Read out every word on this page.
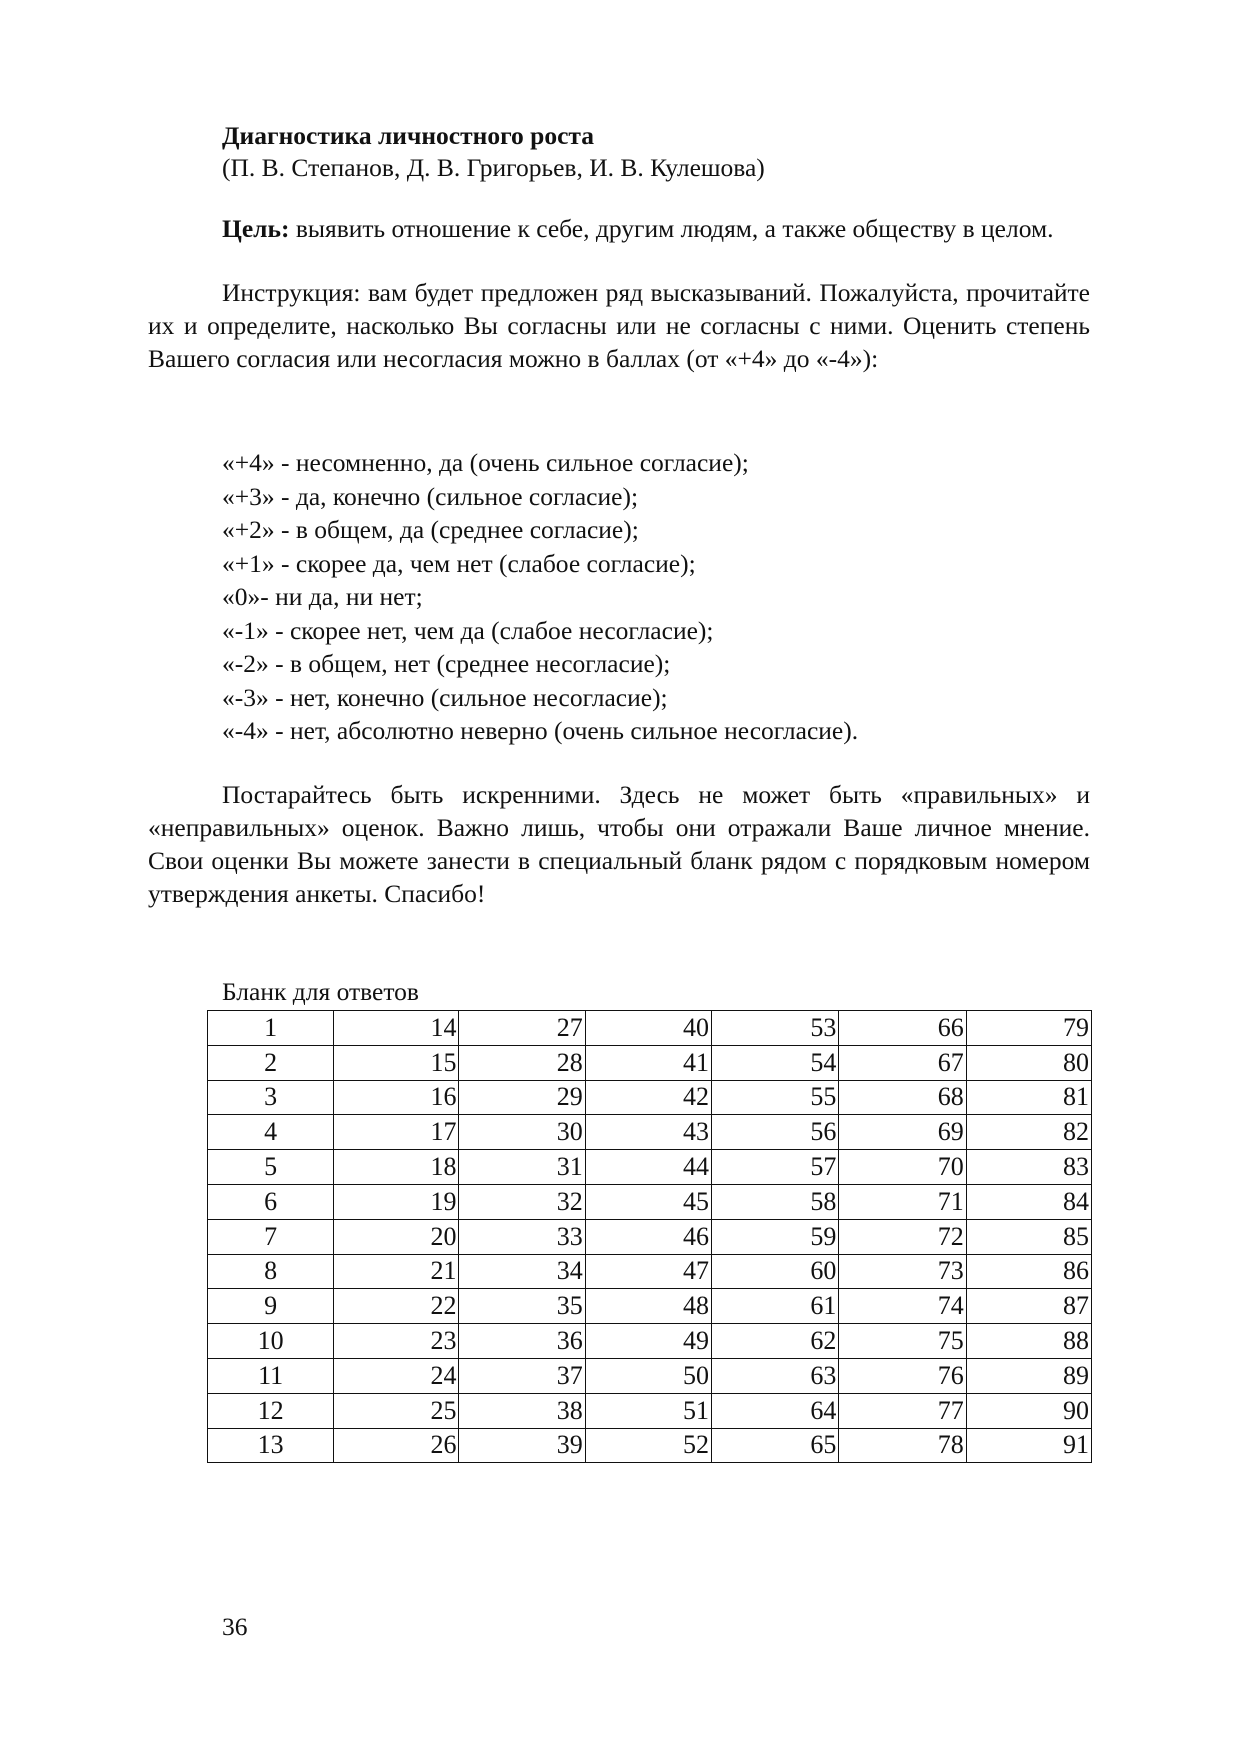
Диагностика личностного роста
(П. В. Степанов, Д. В. Григорьев, И. В. Кулешова)

Цель: выявить отношение к себе, другим людям, а также обществу в целом.

Инструкция: вам будет предложен ряд высказываний. Пожалуйста, прочитайте их и определите, насколько Вы согласны или не согласны с ними. Оценить степень Вашего согласия или несогласия можно в баллах (от «+4» до «-4»):

«+4» - несомненно, да (очень сильное согласие);
«+3» - да, конечно (сильное согласие);
«+2» - в общем, да (среднее согласие);
«+1» - скорее да, чем нет (слабое согласие);
«0»- ни да, ни нет;
«-1» - скорее нет, чем да (слабое несогласие);
«-2» - в общем, нет (среднее несогласие);
«-3» - нет, конечно (сильное несогласие);
«-4» - нет, абсолютно неверно (очень сильное несогласие).

Постарайтесь быть искренними. Здесь не может быть «правильных» и «неправильных» оценок. Важно лишь, чтобы они отражали Ваше личное мнение. Свои оценки Вы можете занести в специальный бланк рядом с порядковым номером утверждения анкеты. Спасибо!

Бланк для ответов
1	14	27	40	53	66	79
2	15	28	41	54	67	80
3	16	29	42	55	68	81
4	17	30	43	56	69	82
5	18	31	44	57	70	83
6	19	32	45	58	71	84
7	20	33	46	59	72	85
8	21	34	47	60	73	86
9	22	35	48	61	74	87
10	23	36	49	62	75	88
11	24	37	50	63	76	89
12	25	38	51	64	77	90
13	26	39	52	65	78	91
36
